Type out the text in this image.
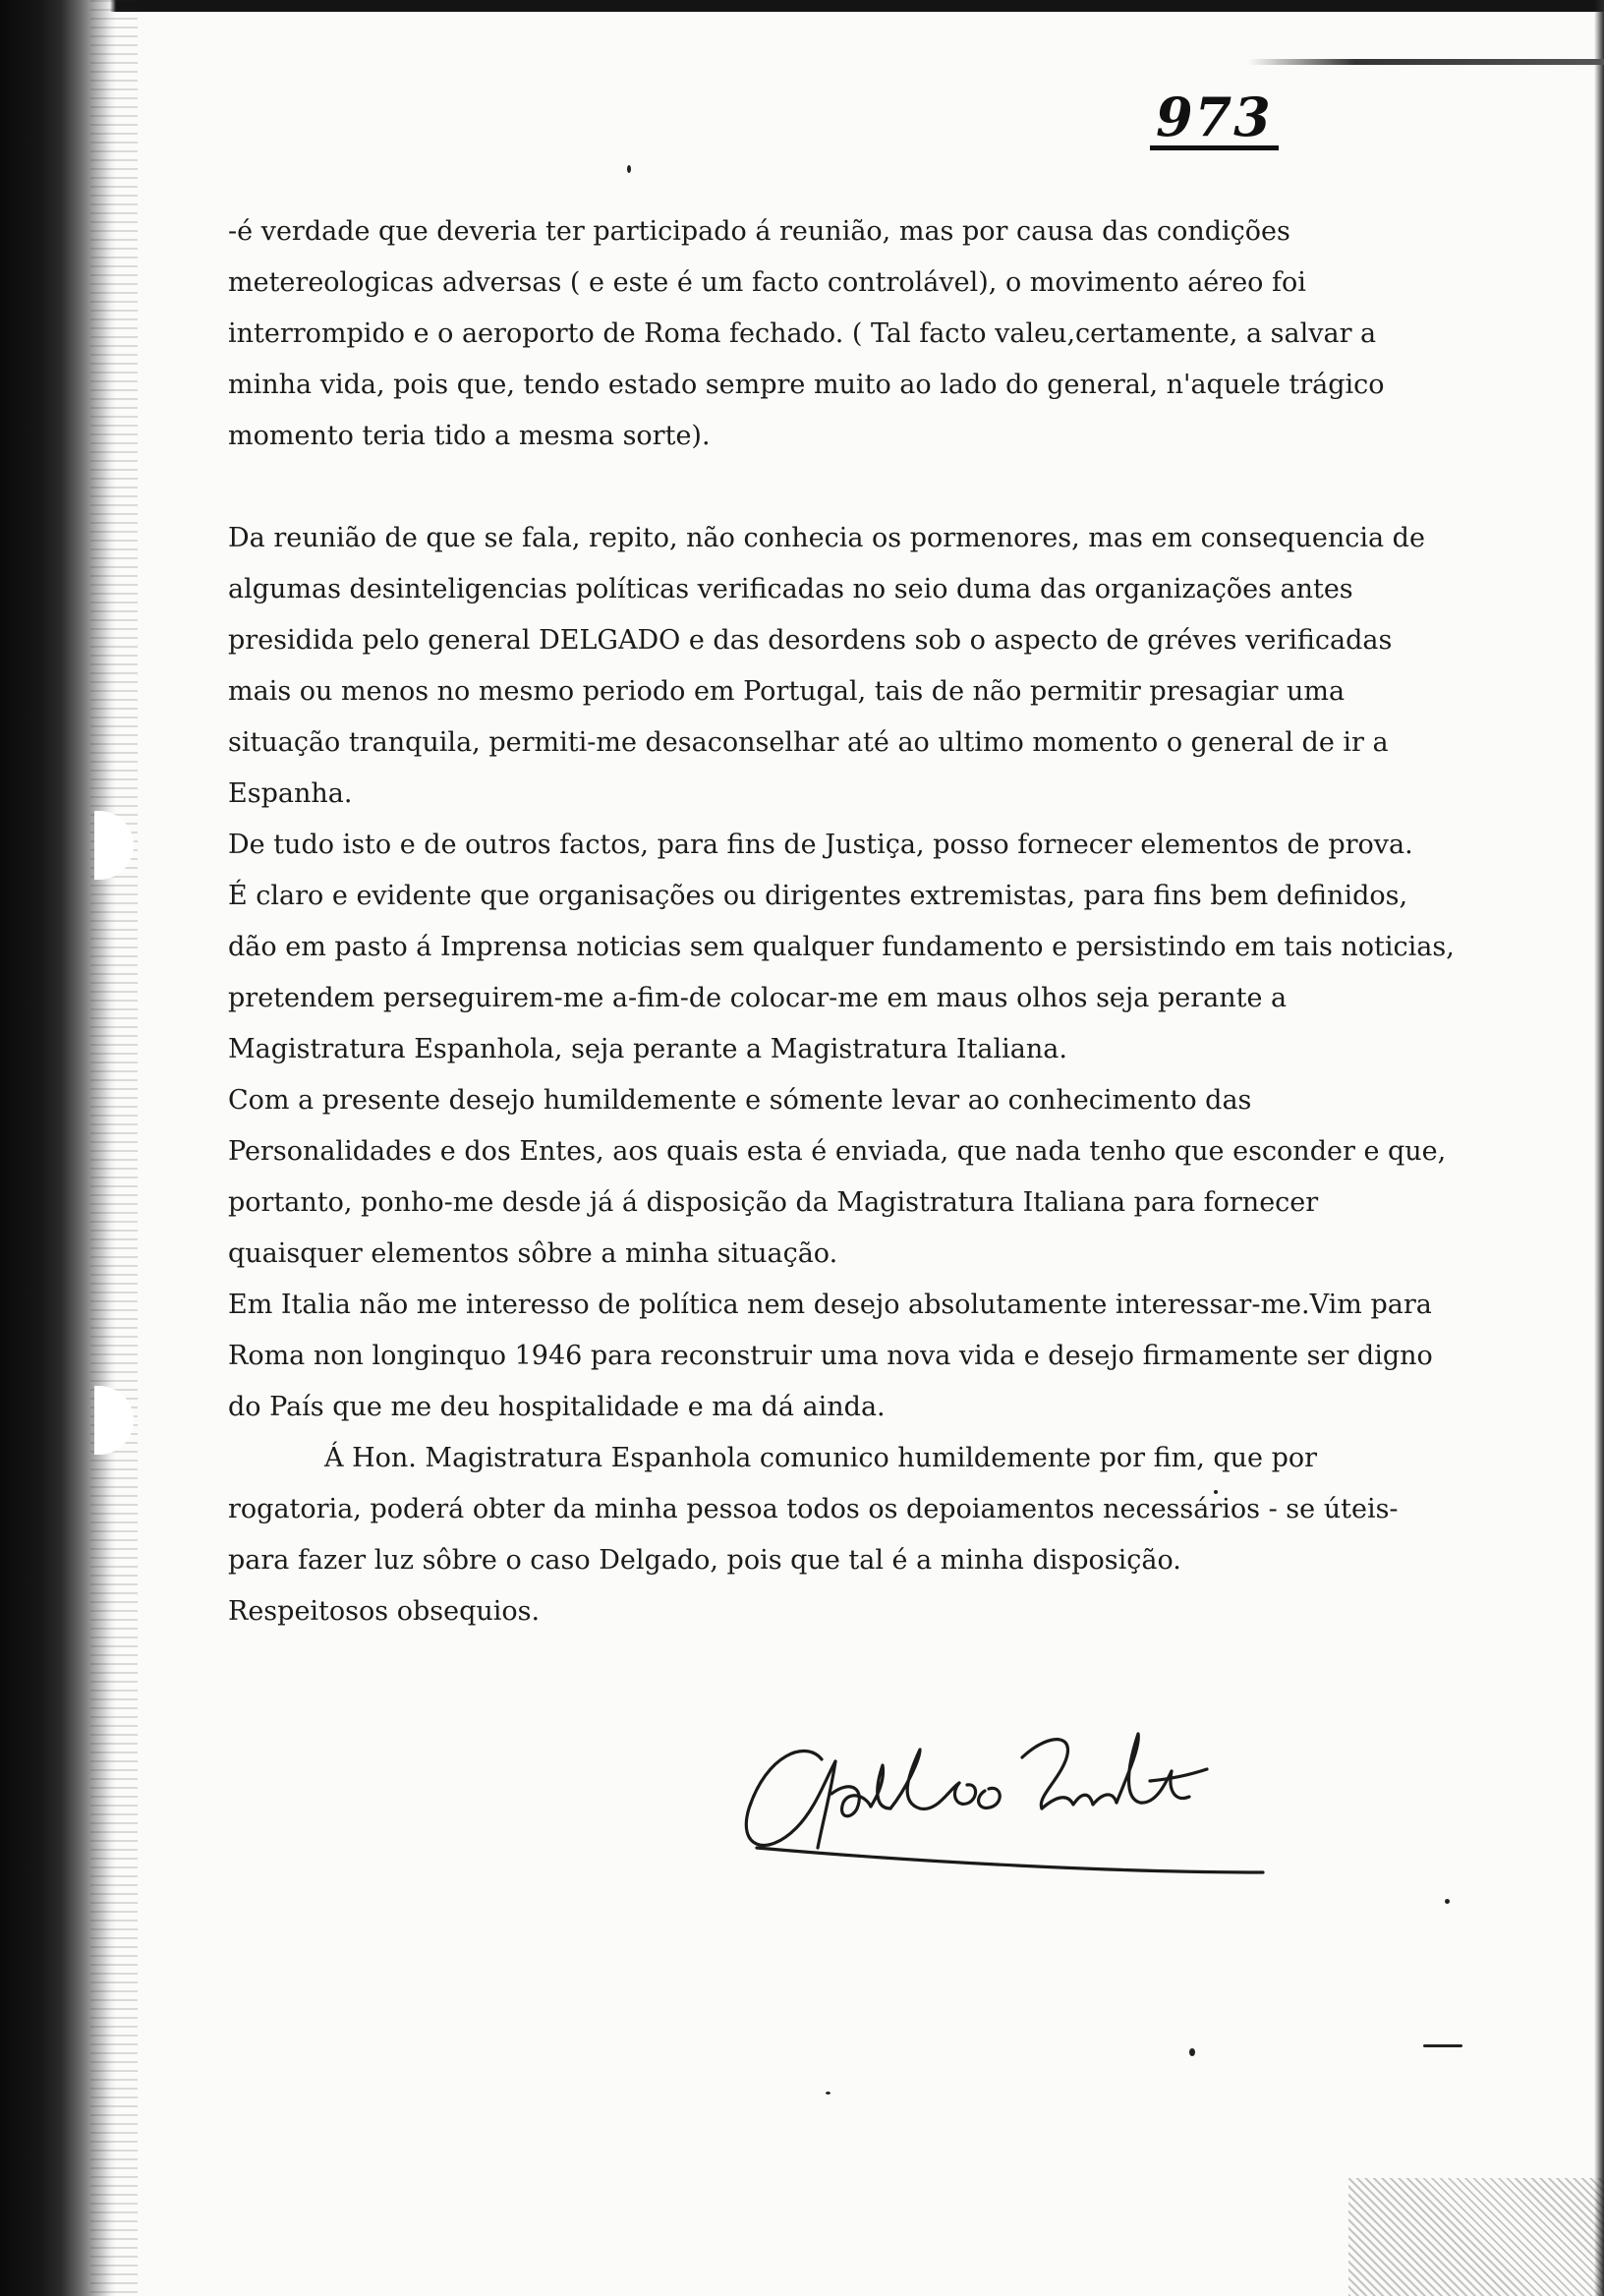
973

-é verdade que deveria ter participado á reunião, mas por causa das condições metereologicas adversas ( e este é um facto controlável), o movimento aéreo foi interrompido e o aeroporto de Roma fechado. ( Tal facto valeu,certamente, a salvar a minha vida, pois que, tendo estado sempre muito ao lado do general, n'aquele trágico momento teria tido a mesma sorte).

Da reunião de que se fala, repito, não conhecia os pormenores, mas em consequencia de algumas desinteligencias políticas verificadas no seio duma das organizações antes presidida pelo general DELGADO e das desordens sob o aspecto de gréves verificadas mais ou menos no mesmo periodo em Portugal, tais de não permitir presagiar uma situação tranquila, permiti-me desaconselhar até ao ultimo momento o general de ir a Espanha.

De tudo isto e de outros factos, para fins de Justiça, posso fornecer elementos de prova.

É claro e evidente que organisações ou dirigentes extremistas, para fins bem definidos, dão em pasto á Imprensa noticias sem qualquer fundamento e persistindo em tais noticias, pretendem perseguirem-me a-fim-de colocar-me em maus olhos seja perante a Magistratura Espanhola, seja perante a Magistratura Italiana.

Com a presente desejo humildemente e sómente levar ao conhecimento das Personalidades e dos Entes, aos quais esta é enviada, que nada tenho que esconder e que, portanto, ponho-me desde já á disposição da Magistratura Italiana para fornecer quaisquer elementos sôbre a minha situação.

Em Italia não me interesso de política nem desejo absolutamente interessar-me.Vim para Roma non longinquo 1946 para reconstruir uma nova vida e desejo firmamente ser digno do País que me deu hospitalidade e ma dá ainda.

Á Hon. Magistratura Espanhola comunico humildemente por fim, que por rogatoria, poderá obter da minha pessoa todos os depoiamentos necessários - se úteis-para fazer luz sôbre o caso Delgado, pois que tal é a minha disposição.

Respeitosos obsequios.
